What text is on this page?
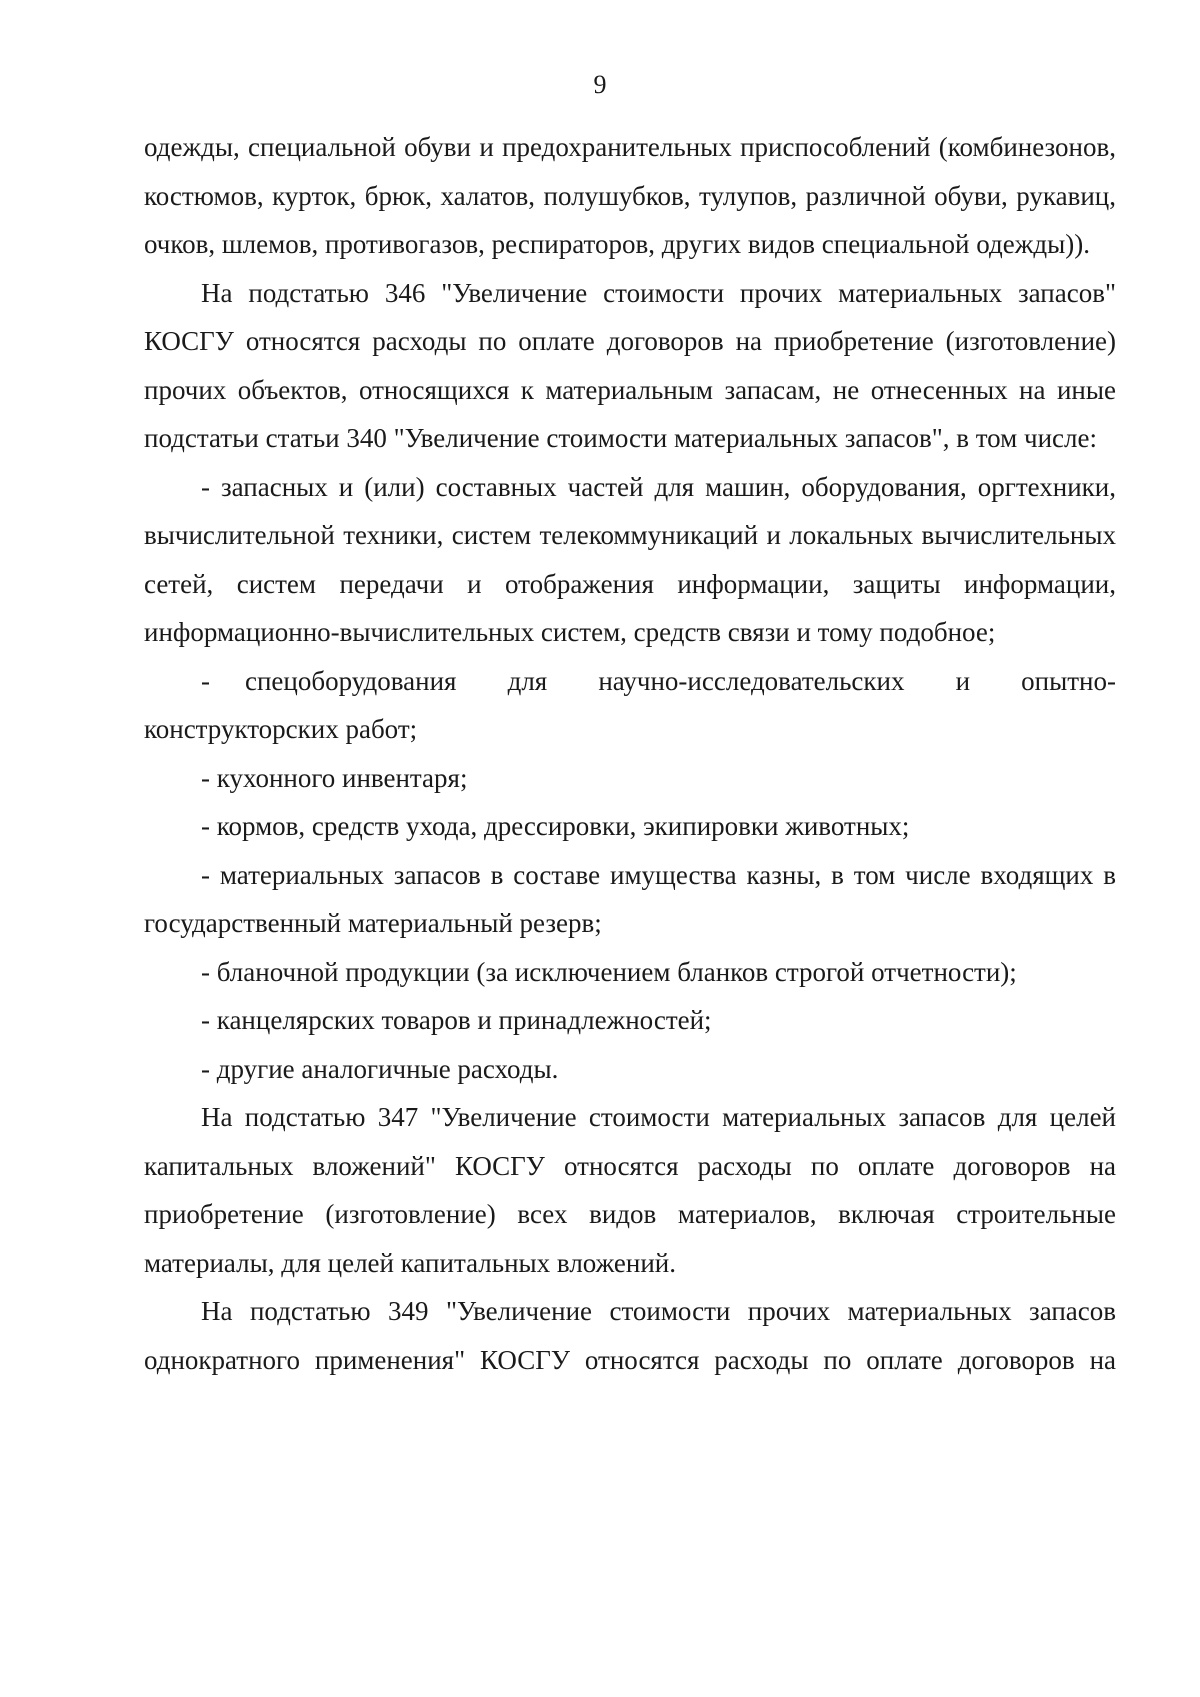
9

одежды, специальной обуви и предохранительных приспособлений (комбинезонов, костюмов, курток, брюк, халатов, полушубков, тулупов, различной обуви, рукавиц, очков, шлемов, противогазов, респираторов, других видов специальной одежды)).

На подстатью 346 "Увеличение стоимости прочих материальных запасов" КОСГУ относятся расходы по оплате договоров на приобретение (изготовление) прочих объектов, относящихся к материальным запасам, не отнесенных на иные подстатьи статьи 340 "Увеличение стоимости материальных запасов", в том числе:

- запасных и (или) составных частей для машин, оборудования, оргтехники, вычислительной техники, систем телекоммуникаций и локальных вычислительных сетей, систем передачи и отображения информации, защиты информации, информационно-вычислительных систем, средств связи и тому подобное;

- спецоборудования для научно-исследовательских и опытно-конструкторских работ;

- кухонного инвентаря;

- кормов, средств ухода, дрессировки, экипировки животных;

- материальных запасов в составе имущества казны, в том числе входящих в государственный материальный резерв;

- бланочной продукции (за исключением бланков строгой отчетности);

- канцелярских товаров и принадлежностей;

- другие аналогичные расходы.

На подстатью 347 "Увеличение стоимости материальных запасов для целей капитальных вложений" КОСГУ относятся расходы по оплате договоров на приобретение (изготовление) всех видов материалов, включая строительные материалы, для целей капитальных вложений.

На подстатью 349 "Увеличение стоимости прочих материальных запасов однократного применения" КОСГУ относятся расходы по оплате договоров на
